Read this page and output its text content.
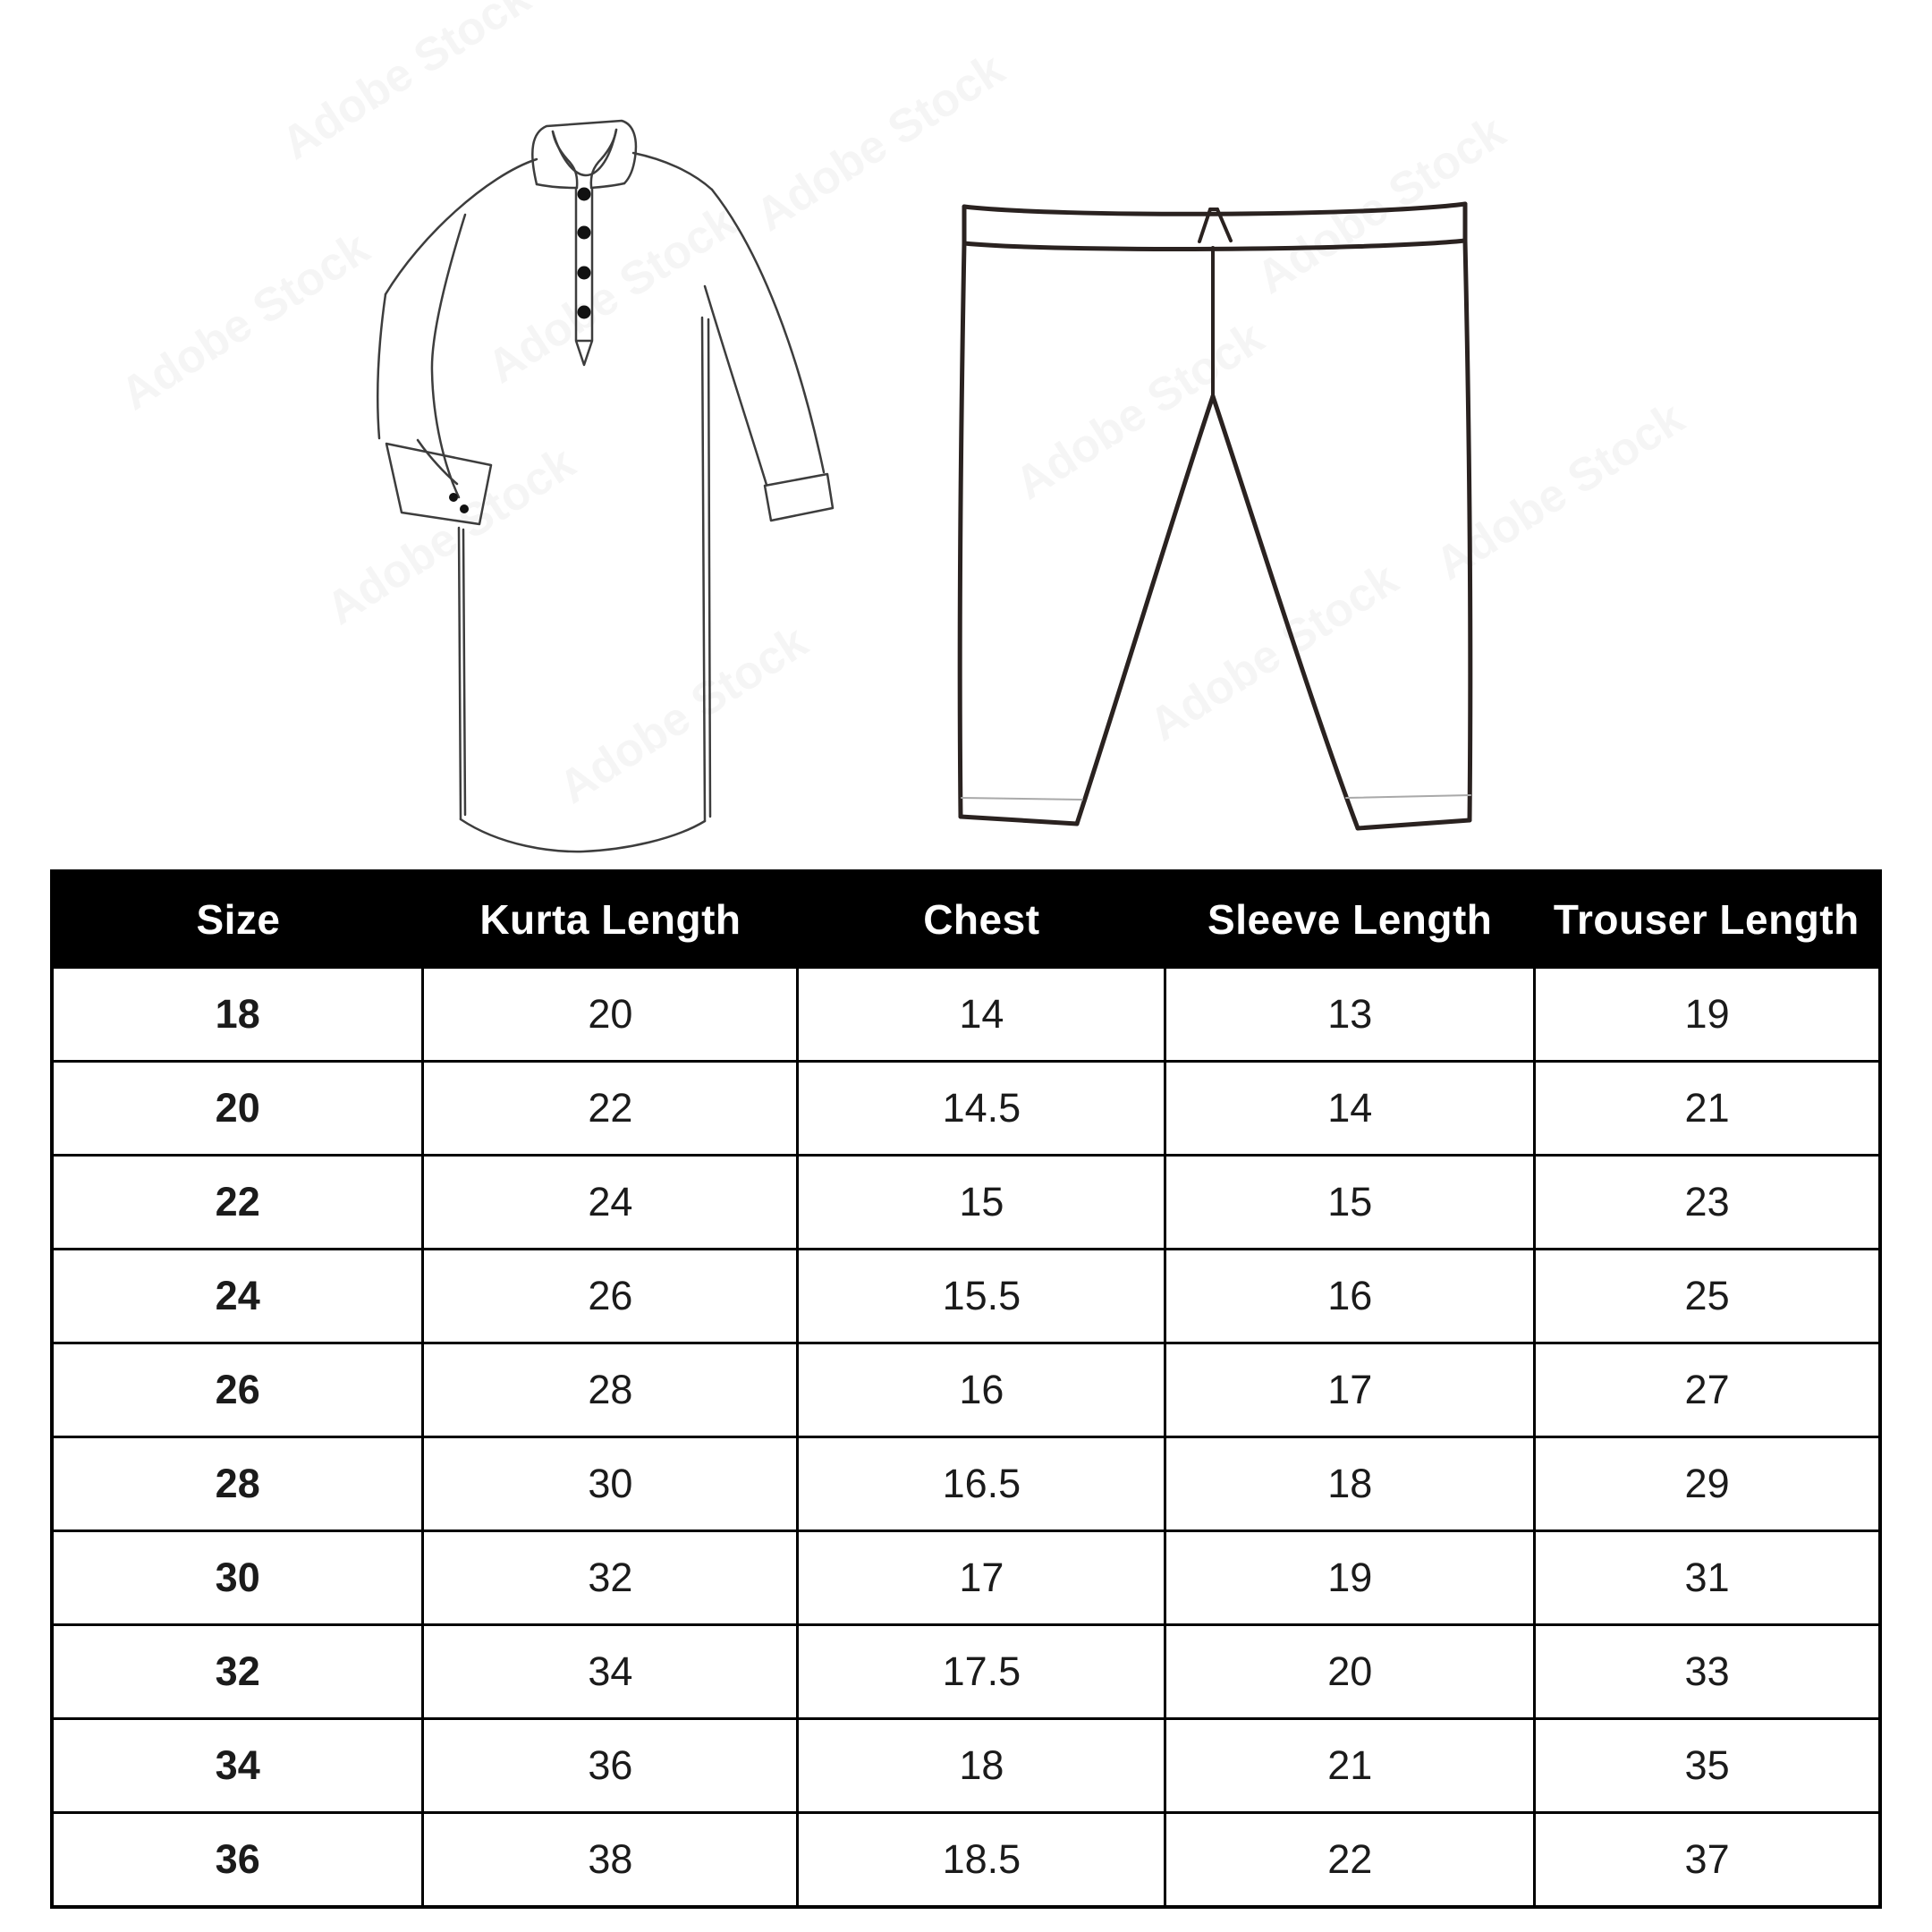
Size	Kurta Length	Chest	Sleeve Length	Trouser Length
18	20	14	13	19
20	22	14.5	14	21
22	24	15	15	23
24	26	15.5	16	25
26	28	16	17	27
28	30	16.5	18	29
30	32	17	19	31
32	34	17.5	20	33
34	36	18	21	35
36	38	18.5	22	37
